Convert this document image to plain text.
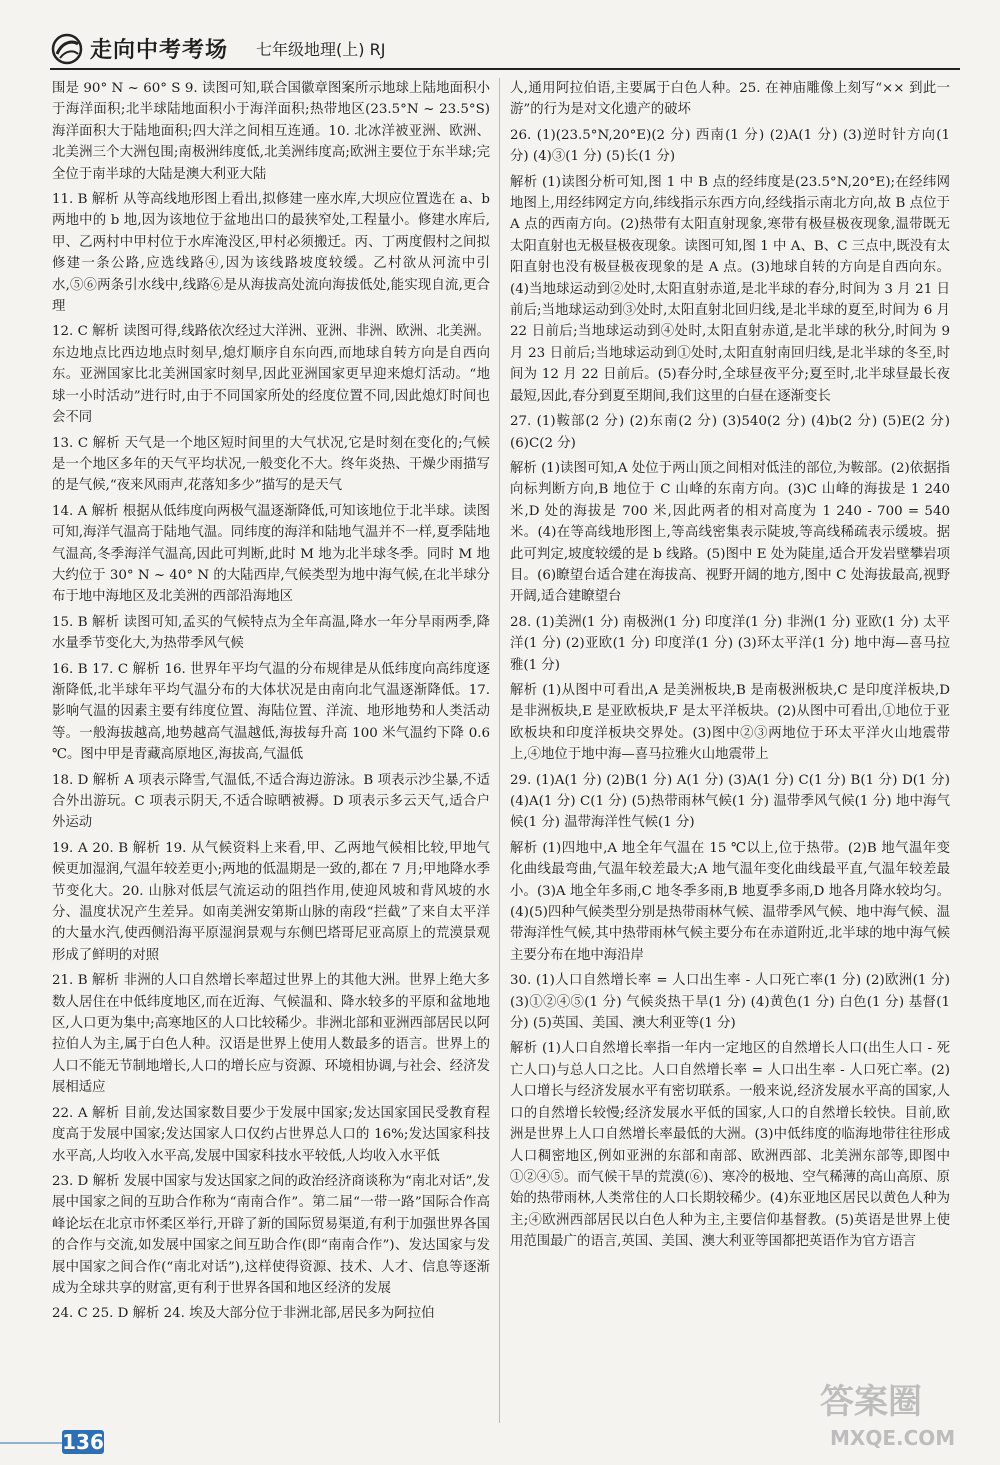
走向中考考场 七年级地理(上) RJ

围是 90° N ~ 60° S 9. 读图可知,联合国徽章图案所示地球上陆地面积小于海洋面积;北半球陆地面积小于海洋面积;热带地区(23.5°N ~ 23.5°S)海洋面积大于陆地面积;四大洋之间相互连通。10. 北冰洋被亚洲、欧洲、北美洲三个大洲包围;南极洲纬度低,北美洲纬度高;欧洲主要位于东半球;完全位于南半球的大陆是澳大利亚大陆

11. B 解析 从等高线地形图上看出,拟修建一座水库,大坝应位置选在 a、b 两地中的 b 地,因为该地位于盆地出口的最狭窄处,工程量小。修建水库后,甲、乙两村中甲村位于水库淹没区,甲村必须搬迁。丙、丁两度假村之间拟修建一条公路,应选线路④,因为该线路坡度较缓。乙村欲从河流中引水,⑤⑥两条引水线中,线路⑥是从海拔高处流向海拔低处,能实现自流,更合理

12. C 解析 读图可得,线路依次经过大洋洲、亚洲、非洲、欧洲、北美洲。东边地点比西边地点时刻早,熄灯顺序自东向西,而地球自转方向是自西向东。亚洲国家比北美洲国家时刻早,因此亚洲国家更早迎来熄灯活动。“地球一小时活动”进行时,由于不同国家所处的经度位置不同,因此熄灯时间也会不同

13. C 解析 天气是一个地区短时间里的大气状况,它是时刻在变化的;气候是一个地区多年的天气平均状况,一般变化不大。终年炎热、干燥少雨描写的是气候,“夜来风雨声,花落知多少”描写的是天气

14. A 解析 根据从低纬度向两极气温逐渐降低,可知该地位于北半球。读图可知,海洋气温高于陆地气温。同纬度的海洋和陆地气温并不一样,夏季陆地气温高,冬季海洋气温高,因此可判断,此时 M 地为北半球冬季。同时 M 地大约位于 30° N ~ 40° N 的大陆西岸,气候类型为地中海气候,在北半球分布于地中海地区及北美洲的西部沿海地区

15. B 解析 读图可知,孟买的气候特点为全年高温,降水一年分旱雨两季,降水量季节变化大,为热带季风气候

16. B 17. C 解析 16. 世界年平均气温的分布规律是从低纬度向高纬度逐渐降低,北半球年平均气温分布的大体状况是由南向北气温逐渐降低。17. 影响气温的因素主要有纬度位置、海陆位置、洋流、地形地势和人类活动等。一般海拔越高,地势越高气温越低,海拔每升高 100 米气温约下降 0.6 ℃。图中甲是青藏高原地区,海拔高,气温低

18. D 解析 A 项表示降雪,气温低,不适合海边游泳。B 项表示沙尘暴,不适合外出游玩。C 项表示阴天,不适合晾晒被褥。D 项表示多云天气,适合户外运动

19. A 20. B 解析 19. 从气候资料上来看,甲、乙两地气候相比较,甲地气候更加湿润,气温年较差更小;两地的低温期是一致的,都在 7 月;甲地降水季节变化大。20. 山脉对低层气流运动的阻挡作用,使迎风坡和背风坡的水分、温度状况产生差异。如南美洲安第斯山脉的南段“拦截”了来自太平洋的大量水汽,使西侧沿海平原湿润景观与东侧巴塔哥尼亚高原上的荒漠景观形成了鲜明的对照

21. B 解析 非洲的人口自然增长率超过世界上的其他大洲。世界上绝大多数人居住在中低纬度地区,而在近海、气候温和、降水较多的平原和盆地地区,人口更为集中;高寒地区的人口比较稀少。非洲北部和亚洲西部居民以阿拉伯人为主,属于白色人种。汉语是世界上使用人数最多的语言。世界上的人口不能无节制地增长,人口的增长应与资源、环境相协调,与社会、经济发展相适应

22. A 解析 目前,发达国家数目要少于发展中国家;发达国家国民受教育程度高于发展中国家;发达国家人口仅约占世界总人口的 16%;发达国家科技水平高,人均收入水平高,发展中国家科技水平较低,人均收入水平低

23. D 解析 发展中国家与发达国家之间的政治经济商谈称为“南北对话”,发展中国家之间的互助合作称为“南南合作”。第二届“一带一路”国际合作高峰论坛在北京市怀柔区举行,开辟了新的国际贸易渠道,有利于加强世界各国的合作与交流,如发展中国家之间互助合作(即“南南合作”)、发达国家与发展中国家之间合作(“南北对话”),这样使得资源、技术、人才、信息等逐渐成为全球共享的财富,更有利于世界各国和地区经济的发展

24. C 25. D 解析 24. 埃及大部分位于非洲北部,居民多为阿拉伯

人,通用阿拉伯语,主要属于白色人种。25. 在神庙雕像上刻写“×× 到此一游”的行为是对文化遗产的破坏

26. (1)(23.5°N,20°E)(2 分) 西南(1 分) (2)A(1 分) (3)逆时针方向(1 分) (4)③(1 分) (5)长(1 分)

解析 (1)读图分析可知,图 1 中 B 点的经纬度是(23.5°N,20°E);在经纬网地图上,用经纬网定方向,纬线指示东西方向,经线指示南北方向,故 B 点位于 A 点的西南方向。(2)热带有太阳直射现象,寒带有极昼极夜现象,温带既无太阳直射也无极昼极夜现象。读图可知,图 1 中 A、B、C 三点中,既没有太阳直射也没有极昼极夜现象的是 A 点。(3)地球自转的方向是自西向东。(4)当地球运动到②处时,太阳直射赤道,是北半球的春分,时间为 3 月 21 日前后;当地球运动到③处时,太阳直射北回归线,是北半球的夏至,时间为 6 月 22 日前后;当地球运动到④处时,太阳直射赤道,是北半球的秋分,时间为 9 月 23 日前后;当地球运动到①处时,太阳直射南回归线,是北半球的冬至,时间为 12 月 22 日前后。(5)春分时,全球昼夜平分;夏至时,北半球昼最长夜最短,因此,春分到夏至期间,我们这里的白昼在逐渐变长

27. (1)鞍部(2 分) (2)东南(2 分) (3)540(2 分) (4)b(2 分) (5)E(2 分) (6)C(2 分)

解析 (1)读图可知,A 处位于两山顶之间相对低洼的部位,为鞍部。(2)依据指向标判断方向,B 地位于 C 山峰的东南方向。(3)C 山峰的海拔是 1 240 米,D 处的海拔是 700 米,因此两者的相对高度为 1 240 - 700 = 540 米。(4)在等高线地形图上,等高线密集表示陡坡,等高线稀疏表示缓坡。据此可判定,坡度较缓的是 b 线路。(5)图中 E 处为陡崖,适合开发岩壁攀岩项目。(6)瞭望台适合建在海拔高、视野开阔的地方,图中 C 处海拔最高,视野开阔,适合建瞭望台

28. (1)美洲(1 分) 南极洲(1 分) 印度洋(1 分) 非洲(1 分) 亚欧(1 分) 太平洋(1 分) (2)亚欧(1 分) 印度洋(1 分) (3)环太平洋(1 分) 地中海—喜马拉雅(1 分)

解析 (1)从图中可看出,A 是美洲板块,B 是南极洲板块,C 是印度洋板块,D 是非洲板块,E 是亚欧板块,F 是太平洋板块。(2)从图中可看出,①地位于亚欧板块和印度洋板块交界处。(3)图中②③两地位于环太平洋火山地震带上,④地位于地中海—喜马拉雅火山地震带上

29. (1)A(1 分) (2)B(1 分) A(1 分) (3)A(1 分) C(1 分) B(1 分) D(1 分) (4)A(1 分) C(1 分) (5)热带雨林气候(1 分) 温带季风气候(1 分) 地中海气候(1 分) 温带海洋性气候(1 分)

解析 (1)四地中,A 地全年气温在 15 ℃以上,位于热带。(2)B 地气温年变化曲线最弯曲,气温年较差最大;A 地气温年变化曲线最平直,气温年较差最小。(3)A 地全年多雨,C 地冬季多雨,B 地夏季多雨,D 地各月降水较均匀。(4)(5)四种气候类型分别是热带雨林气候、温带季风气候、地中海气候、温带海洋性气候,其中热带雨林气候主要分布在赤道附近,北半球的地中海气候主要分布在地中海沿岸

30. (1)人口自然增长率 = 人口出生率 - 人口死亡率(1 分) (2)欧洲(1 分) (3)①②④⑤(1 分) 气候炎热干旱(1 分) (4)黄色(1 分) 白色(1 分) 基督(1 分) (5)英国、美国、澳大利亚等(1 分)

解析 (1)人口自然增长率指一年内一定地区的自然增长人口(出生人口 - 死亡人口)与总人口之比。人口自然增长率 = 人口出生率 - 人口死亡率。(2)人口增长与经济发展水平有密切联系。一般来说,经济发展水平高的国家,人口的自然增长较慢;经济发展水平低的国家,人口的自然增长较快。目前,欧洲是世界上人口自然增长率最低的大洲。(3)中低纬度的临海地带往往形成人口稠密地区,例如亚洲的东部和南部、欧洲西部、北美洲东部等,即图中①②④⑤。而气候干旱的荒漠(⑥)、寒冷的极地、空气稀薄的高山高原、原始的热带雨林,人类常住的人口长期较稀少。(4)东亚地区居民以黄色人种为主;④欧洲西部居民以白色人种为主,主要信仰基督教。(5)英语是世界上使用范围最广的语言,英国、美国、澳大利亚等国都把英语作为官方语言

136
答案圈
MXQE.COM
